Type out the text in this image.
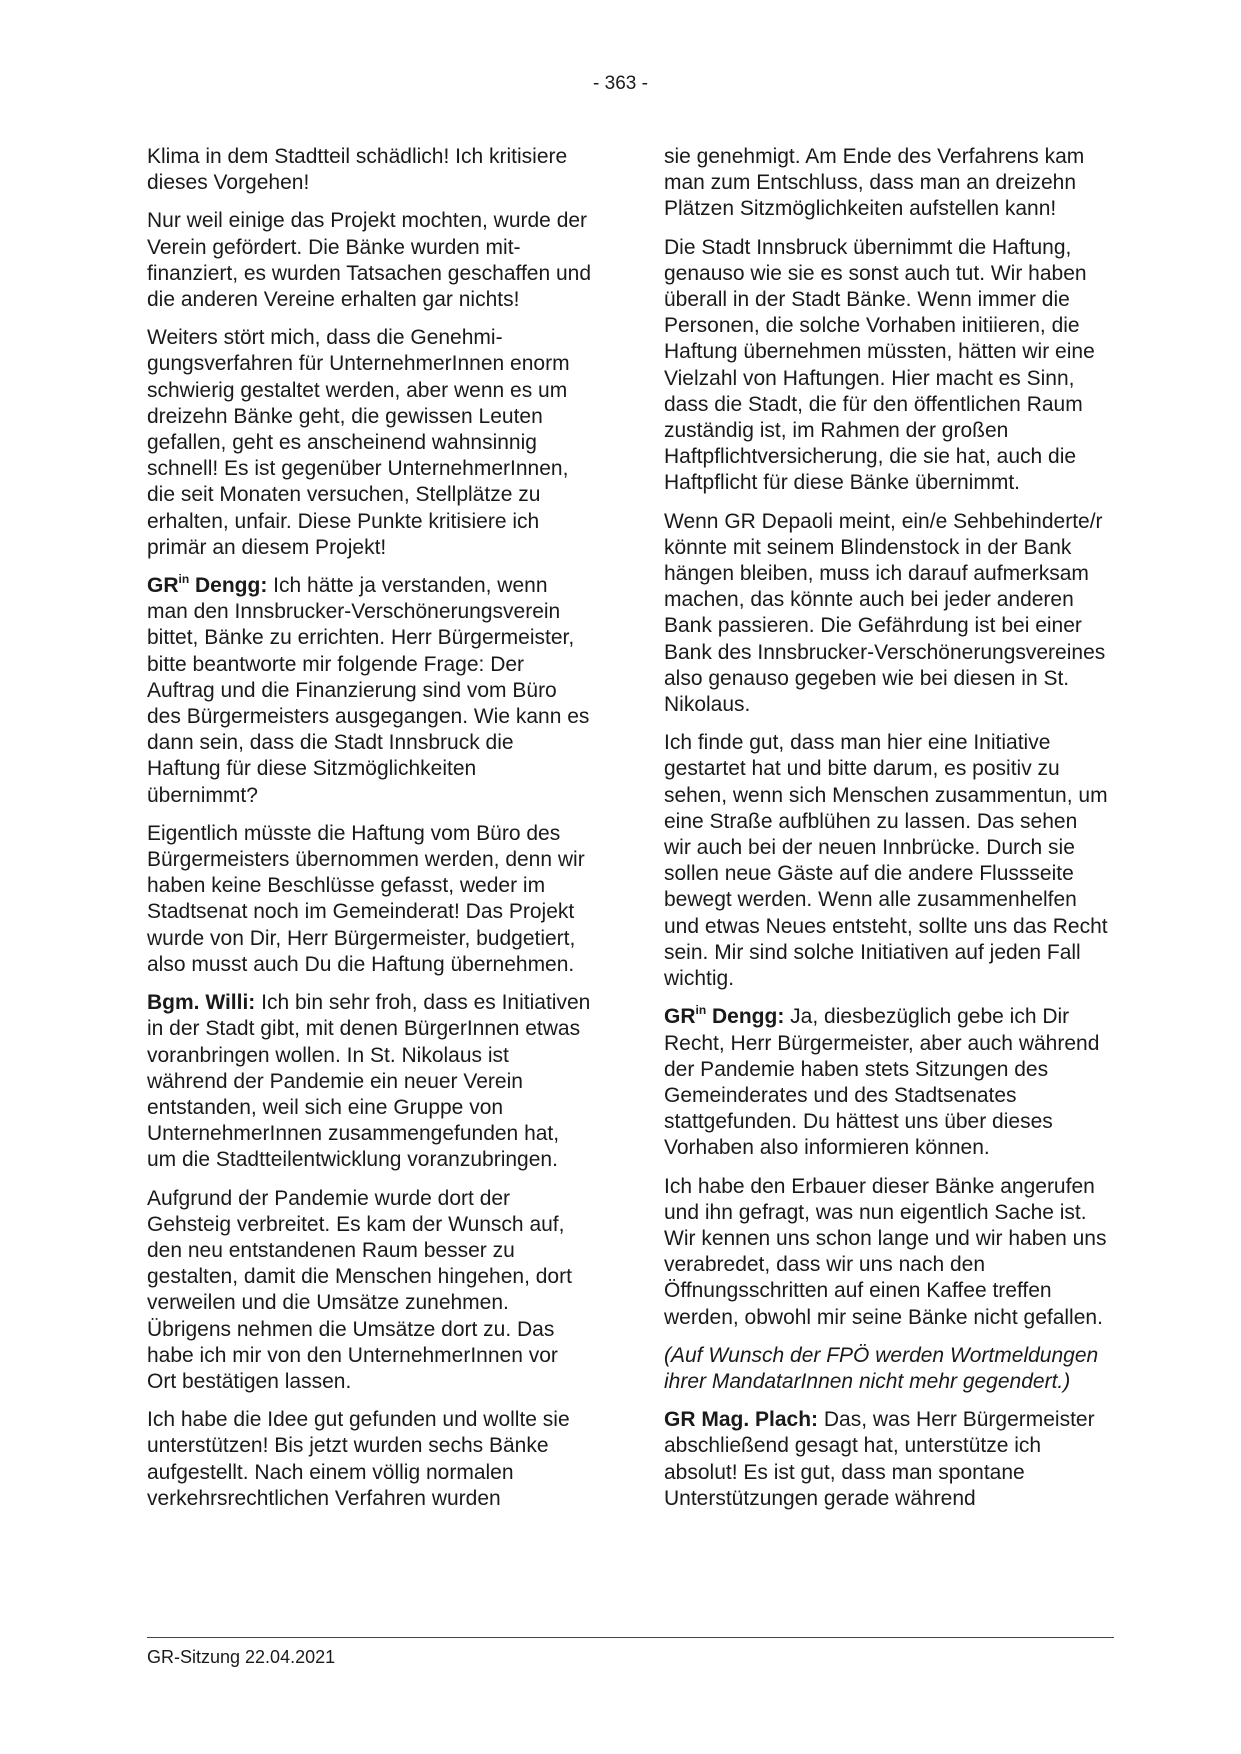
- 363 -

Klima in dem Stadtteil schädlich! Ich kritisiere dieses Vorgehen!

Nur weil einige das Projekt mochten, wurde der Verein gefördert. Die Bänke wurden mitfinanziert, es wurden Tatsachen geschaffen und die anderen Vereine erhalten gar nichts!

Weiters stört mich, dass die Genehmigungsverfahren für UnternehmerInnen enorm schwierig gestaltet werden, aber wenn es um dreizehn Bänke geht, die gewissen Leuten gefallen, geht es anscheinend wahnsinnig schnell! Es ist gegenüber UnternehmerInnen, die seit Monaten versuchen, Stellplätze zu erhalten, unfair. Diese Punkte kritisiere ich primär an diesem Projekt!

$GR^{in}$ Dengg: Ich hätte ja verstanden, wenn man den Innsbrucker-Verschönerungsverein bittet, Bänke zu errichten. Herr Bürgermeister, bitte beantworte mir folgende Frage: Der Auftrag und die Finanzierung sind vom Büro des Bürgermeisters ausgegangen. Wie kann es dann sein, dass die Stadt Innsbruck die Haftung für diese Sitzmöglichkeiten übernimmt?

Eigentlich müsste die Haftung vom Büro des Bürgermeisters übernommen werden, denn wir haben keine Beschlüsse gefasst, weder im Stadtsenat noch im Gemeinderat! Das Projekt wurde von Dir, Herr Bürgermeister, budgetiert, also musst auch Du die Haftung übernehmen.

Bgm. Willi: Ich bin sehr froh, dass es Initiativen in der Stadt gibt, mit denen BürgerInnen etwas voranbringen wollen. In St. Nikolaus ist während der Pandemie ein neuer Verein entstanden, weil sich eine Gruppe von UnternehmerInnen zusammengefunden hat, um die Stadtteilentwicklung voranzubringen.

Aufgrund der Pandemie wurde dort der Gehsteig verbreitet. Es kam der Wunsch auf, den neu entstandenen Raum besser zu gestalten, damit die Menschen hingehen, dort verweilen und die Umsätze zunehmen. Übrigens nehmen die Umsätze dort zu. Das habe ich mir von den UnternehmerInnen vor Ort bestätigen lassen.

Ich habe die Idee gut gefunden und wollte sie unterstützen! Bis jetzt wurden sechs Bänke aufgestellt. Nach einem völlig normalen verkehrsrechtlichen Verfahren wurden

sie genehmigt. Am Ende des Verfahrens kam man zum Entschluss, dass man an dreizehn Plätzen Sitzmöglichkeiten aufstellen kann!

Die Stadt Innsbruck übernimmt die Haftung, genauso wie sie es sonst auch tut. Wir haben überall in der Stadt Bänke. Wenn immer die Personen, die solche Vorhaben initiieren, die Haftung übernehmen müssten, hätten wir eine Vielzahl von Haftungen. Hier macht es Sinn, dass die Stadt, die für den öffentlichen Raum zuständig ist, im Rahmen der großen Haftpflichtversicherung, die sie hat, auch die Haftpflicht für diese Bänke übernimmt.

Wenn GR Depaoli meint, ein/e Sehbehinderte/r könnte mit seinem Blindenstock in der Bank hängen bleiben, muss ich darauf aufmerksam machen, das könnte auch bei jeder anderen Bank passieren. Die Gefährdung ist bei einer Bank des Innsbrucker-Verschönerungsvereines also genauso gegeben wie bei diesen in St. Nikolaus.

Ich finde gut, dass man hier eine Initiative gestartet hat und bitte darum, es positiv zu sehen, wenn sich Menschen zusammentun, um eine Straße aufblühen zu lassen. Das sehen wir auch bei der neuen Innbrücke. Durch sie sollen neue Gäste auf die andere Flussseite bewegt werden. Wenn alle zusammenhelfen und etwas Neues entsteht, sollte uns das Recht sein. Mir sind solche Initiativen auf jeden Fall wichtig.

$GR^{in}$ Dengg: Ja, diesbezüglich gebe ich Dir Recht, Herr Bürgermeister, aber auch während der Pandemie haben stets Sitzungen des Gemeinderates und des Stadtsenates stattgefunden. Du hättest uns über dieses Vorhaben also informieren können.

Ich habe den Erbauer dieser Bänke angerufen und ihn gefragt, was nun eigentlich Sache ist. Wir kennen uns schon lange und wir haben uns verabredet, dass wir uns nach den Öffnungsschritten auf einen Kaffee treffen werden, obwohl mir seine Bänke nicht gefallen.

(Auf Wunsch der FPÖ werden Wortmeldungen ihrer MandatarInnen nicht mehr gegendert.)

GR Mag. Plach: Das, was Herr Bürgermeister abschließend gesagt hat, unterstütze ich absolut! Es ist gut, dass man spontane Unterstützungen gerade während

GR-Sitzung 22.04.2021
